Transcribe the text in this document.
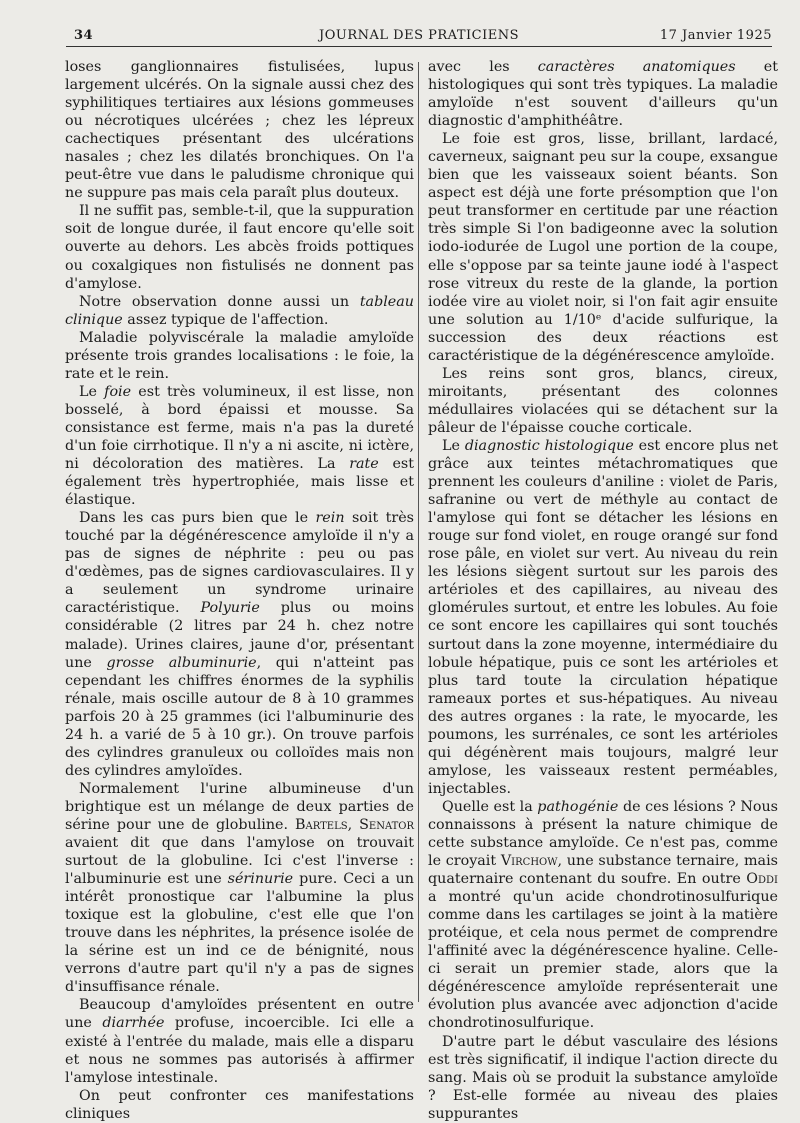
34	JOURNAL DES PRATICIENS	17 Janvier 1925

loses ganglionnaires fistulisées, lupus largement ulcérés. On la signale aussi chez des syphilitiques tertiaires aux lésions gommeuses ou nécrotiques ulcérées ; chez les lépreux cachectiques présentant des ulcérations nasales ; chez les dilatés bronchiques. On l'a peut-être vue dans le paludisme chronique qui ne suppure pas mais cela paraît plus douteux.

Il ne suffit pas, semble-t-il, que la suppuration soit de longue durée, il faut encore qu'elle soit ouverte au dehors. Les abcès froids pottiques ou coxalgiques non fistulisés ne donnent pas d'amylose.

Notre observation donne aussi un tableau clinique assez typique de l'affection.

Maladie polyviscérale la maladie amyloïde présente trois grandes localisations : le foie, la rate et le rein.

Le foie est très volumineux, il est lisse, non bosselé, à bord épaissi et mousse. Sa consistance est ferme, mais n'a pas la dureté d'un foie cirrhotique. Il n'y a ni ascite, ni ictère, ni décoloration des matières. La rate est également très hypertrophiée, mais lisse et élastique.

Dans les cas purs bien que le rein soit très touché par la dégénérescence amyloïde il n'y a pas de signes de néphrite : peu ou pas d'œdèmes, pas de signes cardiovasculaires. Il y a seulement un syndrome urinaire caractéristique. Polyurie plus ou moins considérable (2 litres par 24 h. chez notre malade). Urines claires, jaune d'or, présentant une grosse albuminurie, qui n'atteint pas cependant les chiffres énormes de la syphilis rénale, mais oscille autour de 8 à 10 grammes parfois 20 à 25 grammes (ici l'albuminurie des 24 h. a varié de 5 à 10 gr.). On trouve parfois des cylindres granuleux ou colloïdes mais non des cylindres amyloïdes.

Normalement l'urine albumineuse d'un brightique est un mélange de deux parties de sérine pour une de globuline. Bartels, Senator avaient dit que dans l'amylose on trouvait surtout de la globuline. Ici c'est l'inverse : l'albuminurie est une sérinurie pure. Ceci a un intérêt pronostique car l'albumine la plus toxique est la globuline, c'est elle que l'on trouve dans les néphrites, la présence isolée de la sérine est un ind ce de bénignité, nous verrons d'autre part qu'il n'y a pas de signes d'insuffisance rénale.

Beaucoup d'amyloïdes présentent en outre une diarrhée profuse, incoercible. Ici elle a existé à l'entrée du malade, mais elle a disparu et nous ne sommes pas autorisés à affirmer l'amylose intestinale.

On peut confronter ces manifestations cliniques

avec les caractères anatomiques et histologiques qui sont très typiques. La maladie amyloïde n'est souvent d'ailleurs qu'un diagnostic d'amphithéâtre.

Le foie est gros, lisse, brillant, lardacé, caverneux, saignant peu sur la coupe, exsangue bien que les vaisseaux soient béants. Son aspect est déjà une forte présomption que l'on peut transformer en certitude par une réaction très simple Si l'on badigeonne avec la solution iodo-iodurée de Lugol une portion de la coupe, elle s'oppose par sa teinte jaune iodé à l'aspect rose vitreux du reste de la glande, la portion iodée vire au violet noir, si l'on fait agir ensuite une solution au 1/10ᵉ d'acide sulfurique, la succession des deux réactions est caractéristique de la dégénérescence amyloïde.

Les reins sont gros, blancs, cireux, miroitants, présentant des colonnes médullaires violacées qui se détachent sur la pâleur de l'épaisse couche corticale.

Le diagnostic histologique est encore plus net grâce aux teintes métachromatiques que prennent les couleurs d'aniline : violet de Paris, safranine ou vert de méthyle au contact de l'amylose qui font se détacher les lésions en rouge sur fond violet, en rouge orangé sur fond rose pâle, en violet sur vert. Au niveau du rein les lésions siègent surtout sur les parois des artérioles et des capillaires, au niveau des glomérules surtout, et entre les lobules. Au foie ce sont encore les capillaires qui sont touchés surtout dans la zone moyenne, intermédiaire du lobule hépatique, puis ce sont les artérioles et plus tard toute la circulation hépatique rameaux portes et sus-hépatiques. Au niveau des autres organes : la rate, le myocarde, les poumons, les surrénales, ce sont les artérioles qui dégénèrent mais toujours, malgré leur amylose, les vaisseaux restent perméables, injectables.

Quelle est la pathogénie de ces lésions ? Nous connaissons à présent la nature chimique de cette substance amyloïde. Ce n'est pas, comme le croyait Virchow, une substance ternaire, mais quaternaire contenant du soufre. En outre Oddi a montré qu'un acide chondrotinosulfurique comme dans les cartilages se joint à la matière protéique, et cela nous permet de comprendre l'affinité avec la dégénérescence hyaline. Celle-ci serait un premier stade, alors que la dégénérescence amyloïde représenterait une évolution plus avancée avec adjonction d'acide chondrotinosulfurique.

D'autre part le début vasculaire des lésions est très significatif, il indique l'action directe du sang. Mais où se produit la substance amyloïde ? Est-elle formée au niveau des plaies suppurantes
